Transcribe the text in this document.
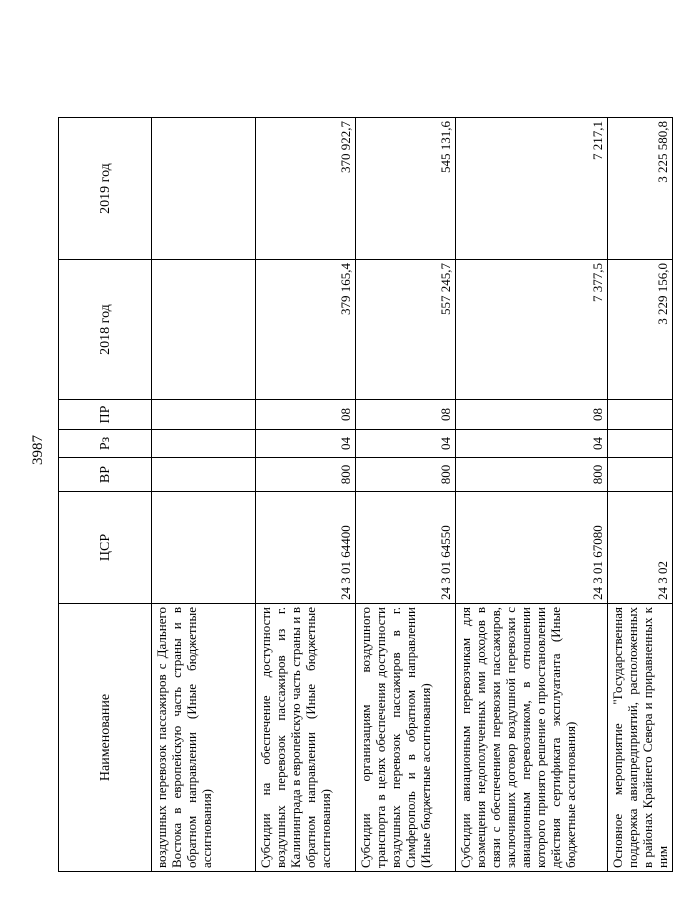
3987
Наименование	ЦСР	ВР	Рз	ПР	2018 год	2019 год
воздушных перевозок пассажиров с Дальнего Востока в европейскую часть страны и в обратном направлении (Иные бюджетные ассигнования)						
Субсидии на обеспечение доступности воздушных перевозок пассажиров из г. Калининграда в европейскую часть страны и в обратном направлении (Иные бюджетные ассигнования)	24 3 01 64400	800	04	08	379 165,4	370 922,7
Субсидии организациям воздушного транспорта в целях обеспечения доступности воздушных перевозок пассажиров в г. Симферополь и в обратном направлении (Иные бюджетные ассигнования)	24 3 01 64550	800	04	08	557 245,7	545 131,6
Субсидии авиационным перевозчикам для возмещения недополученных ими доходов в связи с обеспечением перевозки пассажиров, заключивших договор воздушной перевозки с авиационным перевозчиком, в отношении которого принято решение о приостановлении действия сертификата эксплуатанта (Иные бюджетные ассигнования)	24 3 01 67080	800	04	08	7 377,5	7 217,1
Основное мероприятие "Государственная поддержка авиапредприятий, расположенных в районах Крайнего Севера и приравненных к ним	24 3 02				3 229 156,0	3 225 580,8
